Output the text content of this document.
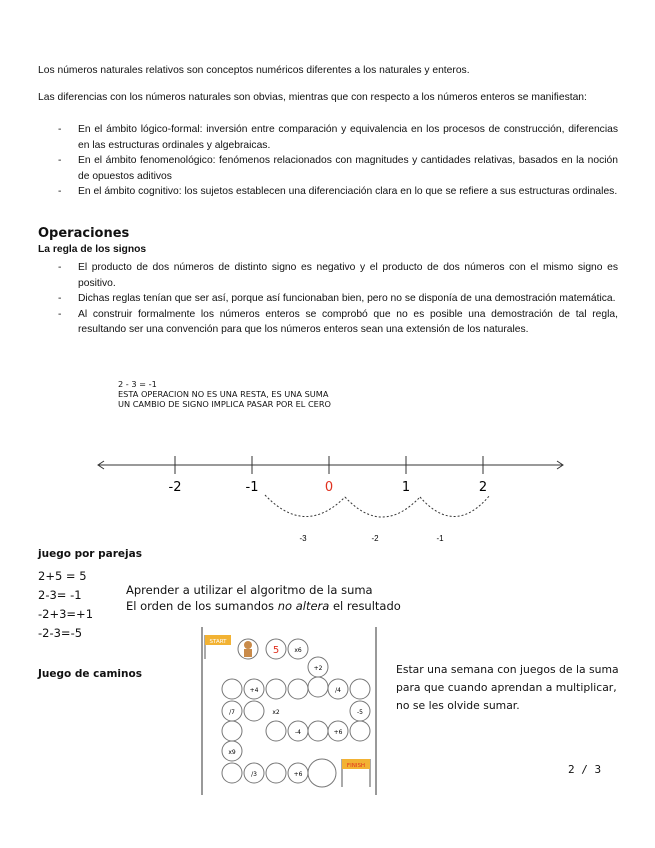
Los números naturales relativos son conceptos numéricos diferentes a los naturales y enteros.
Las diferencias con los números naturales son obvias, mientras que con respecto a los números enteros se manifiestan:
- En el ámbito lógico-formal: inversión entre comparación y equivalencia en los procesos de construcción, diferencias en las estructuras ordinales y algebraicas.
- En el ámbito fenomenológico: fenómenos relacionados con magnitudes y cantidades relativas, basados en la noción de opuestos aditivos
- En el ámbito cognitivo: los sujetos establecen una diferenciación clara en lo que se refiere a sus estructuras ordinales.
Operaciones
La regla de los signos
- El producto de dos números de distinto signo es negativo y el producto de dos números con el mismo signo es positivo.
- Dichas reglas tenían que ser así, porque así funcionaban bien, pero no se disponía de una demostración matemática.
- Al construir formalmente los números enteros se comprobó que no es posible una demostración de tal regla, resultando ser una convención para que los números enteros sean una extensión de los naturales.
2 - 3 = -1
ESTA OPERACION NO ES UNA RESTA, ES UNA SUMA
UN CAMBIO DE SIGNO IMPLICA PASAR POR EL CERO
-2	-1	0	1	2
-3	-2	-1
juego por parejas
2+5 = 5
2-3= -1
-2+3=+1
-2-3=-5
Aprender a utilizar el algoritmo de la suma
El orden de los sumandos no altera el resultado
Juego de caminos
START
5	x6
+2
+4	/4
/7	x2	-5
-4	+6
x9
/3	+6
FINISH
Estar una semana con juegos de la suma para que cuando aprendan a multiplicar, no se les olvide sumar.
2 / 3
